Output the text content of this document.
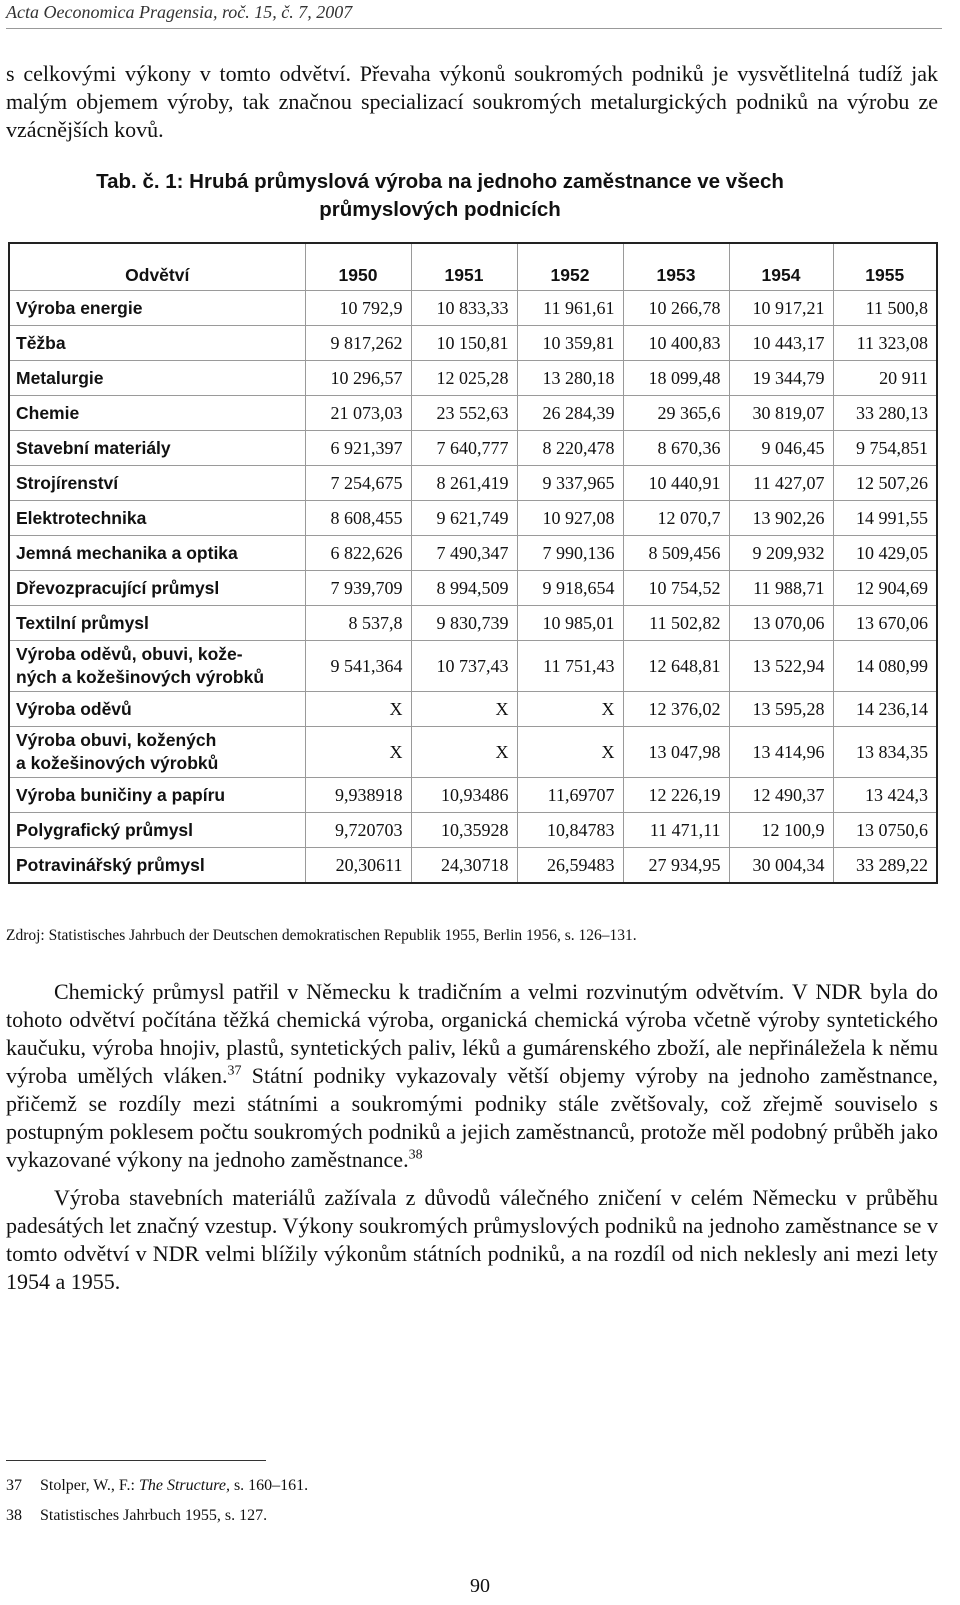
Acta Oeconomica Pragensia, roč. 15, č. 7, 2007
s celkovými výkony v tomto odvětví. Převaha výkonů soukromých podniků je vysvětlitelná tudíž jak malým objemem výroby, tak značnou specializací soukromých metalurgických podniků na výrobu ze vzácnějších kovů.
Tab. č. 1: Hrubá průmyslová výroba na jednoho zaměstnance ve všech
průmyslových podnicích
Odvětví	1950	1951	1952	1953	1954	1955

Výroba energie	10 792,9	10 833,33	11 961,61	10 266,78	10 917,21	11 500,8

Těžba	9 817,262	10 150,81	10 359,81	10 400,83	10 443,17	11 323,08

Metalurgie	10 296,57	12 025,28	13 280,18	18 099,48	19 344,79	20 911

Chemie	21 073,03	23 552,63	26 284,39	29 365,6	30 819,07	33 280,13

Stavební materiály	6 921,397	7 640,777	8 220,478	8 670,36	9 046,45	9 754,851

Strojírenství	7 254,675	8 261,419	9 337,965	10 440,91	11 427,07	12 507,26

Elektrotechnika	8 608,455	9 621,749	10 927,08	12 070,7	13 902,26	14 991,55

Jemná mechanika a optika	6 822,626	7 490,347	7 990,136	8 509,456	9 209,932	10 429,05

Dřevozpracující průmysl	7 939,709	8 994,509	9 918,654	10 754,52	11 988,71	12 904,69

Textilní průmysl	8 537,8	9 830,739	10 985,01	11 502,82	13 070,06	13 670,06

Výroba oděvů, obuvi, kože-
ných a kožešinových výrobků	9 541,364	10 737,43	11 751,43	12 648,81	13 522,94	14 080,99

Výroba oděvů	X	X	X	12 376,02	13 595,28	14 236,14

Výroba obuvi, kožených
a kožešinových výrobků	X	X	X	13 047,98	13 414,96	13 834,35

Výroba buničiny a papíru	9,938918	10,93486	11,69707	12 226,19	12 490,37	13 424,3

Polygrafický průmysl	9,720703	10,35928	10,84783	11 471,11	12 100,9	13 0750,6

Potravinářský průmysl	20,30611	24,30718	26,59483	27 934,95	30 004,34	33 289,22
Zdroj: Statistisches Jahrbuch der Deutschen demokratischen Republik 1955, Berlin 1956, s. 126–131.

Chemický průmysl patřil v Německu k tradičním a velmi rozvinutým odvětvím. V NDR byla do tohoto odvětví počítána těžká chemická výroba, organická chemická výroba včetně výroby syntetického kaučuku, výroba hnojiv, plastů, syntetických paliv, léků a gumárenského zboží, ale nepřináležela k němu výroba umělých vláken.$^{37}$ Státní podniky vykazovaly větší objemy výroby na jednoho zaměstnance, přičemž se rozdíly mezi státními a soukromými podniky stále zvětšovaly, což zřejmě souviselo s postupným poklesem počtu soukromých podniků a jejich zaměstnanců, protože měl podobný průběh jako vykazované výkony na jednoho zaměstnance.$^{38}$

Výroba stavebních materiálů zažívala z důvodů válečného zničení v celém Německu v průběhu padesátých let značný vzestup. Výkony soukromých průmyslových podniků na jednoho zaměstnance se v tomto odvětví v NDR velmi blížily výkonům státních podniků, a na rozdíl od nich neklesly ani mezi lety 1954 a 1955.

37 Stolper, W., F.: The Structure, s. 160–161.
38 Statistisches Jahrbuch 1955, s. 127.
90
